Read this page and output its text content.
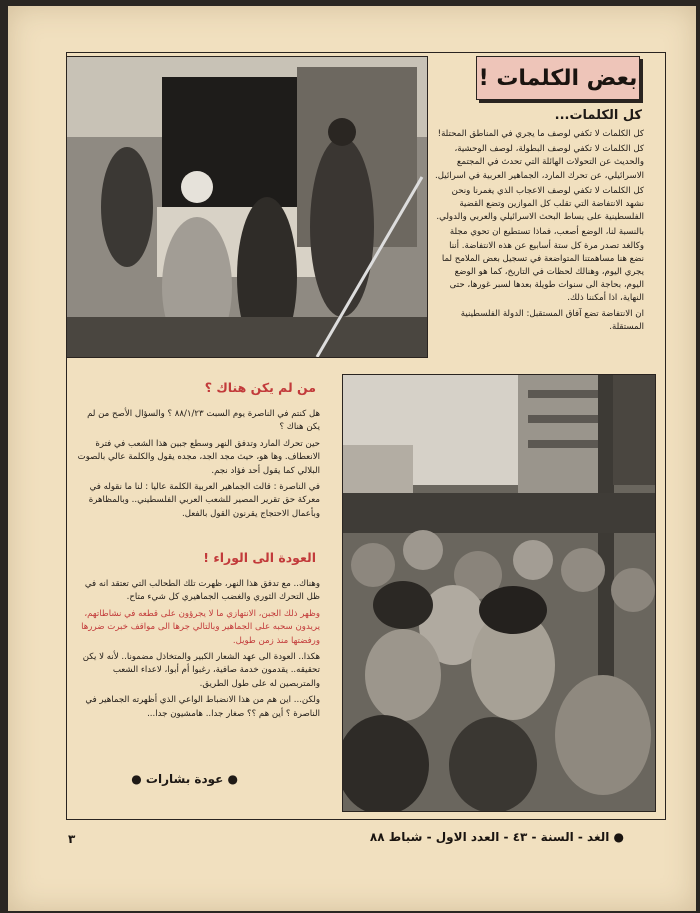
بعض الكلمات !
كل الكلمات...

كل الكلمات لا تكفي لوصف ما يجري في المناطق المحتلة!

كل الكلمات لا تكفي لوصف البطولة، لوصف الوحشية، والحديث عن التحولات الهائلة التي تحدث في المجتمع الاسرائيلي، عن تحرك المارد، الجماهير العربية في اسرائيل.

كل الكلمات لا تكفي لوصف الاعجاب الذي يغمرنا ونحن نشهد الانتفاضة التي تقلب كل الموازين وتضع القضية الفلسطينية على بساط البحث الاسرائيلي والعربي والدولي.

بالنسبة لنا، الوضع أصعب، فماذا تستطيع ان تحوي مجلة وكالغد تصدر مرة كل ستة أسابيع عن هذه الانتفاضة. أننا نضع هنا مساهمتنا المتواضعة في تسجيل بعض الملامح لما يجري اليوم، وهنالك لحظات في التاريخ، كما هو الوضع اليوم، بحاجة الى سنوات طويلة بعدها لسبر غورها، حتى النهاية، اذا أمكننا ذلك.

ان الانتفاضة تضع آفاق المستقبل: الدولة الفلسطينية المستقلة.

من لم يكن هناك ؟

هل كنتم في الناصرة يوم السبت ٨٨/١/٢٣ ؟ والسؤال الأصح من لم يكن هناك ؟

حين تحرك المارد وتدفق النهر وسطع جبين هذا الشعب في فترة الانعطاف. وها هو، حيث مجد الجد، مجده يقول والكلمة عالي بالصوت البلالي كما يقول أحد فؤاد نجم.

في الناصرة : قالت الجماهير العربية الكلمة عاليا : لنا ما نقوله في معركة حق تقرير المصير للشعب العربي الفلسطيني.. وبالمظاهرة وبأعمال الاحتجاج يقرنون القول بالفعل.

العودة الى الوراء !

وهناك.. مع تدفق هذا النهر، ظهرت تلك الطحالب التي تعتقد انه في ظل التحرك الثوري والغضب الجماهيري كل شيء متاح.

وظهر ذلك الجبن، الانتهازي ما لا يجرؤون على قطعه في نشاطاتهم، يريدون سحبه على الجماهير وبالتالي جرها الى مواقف خبرت ضررها ورفضتها منذ زمن طويل.

هكذا.. العودة الى عهد الشعار الكبير والمتخاذل مضمونا.. لأنه لا يكن تحقيقه.. يقدمون خدمة صافية، رغبوا أم أبوا، لاعداء الشعب والمتربصين له على طول الطريق.

ولكن... اين هم من هذا الانضباط الواعي الذي أظهرته الجماهير في الناصرة ؟ أين هم ؟؟ صغار جدا.. هامشيون جدا...

● عودة بشارات ●
● الغد - السنة - ٤٣ - العدد الاول - شباط ٨٨
٣
